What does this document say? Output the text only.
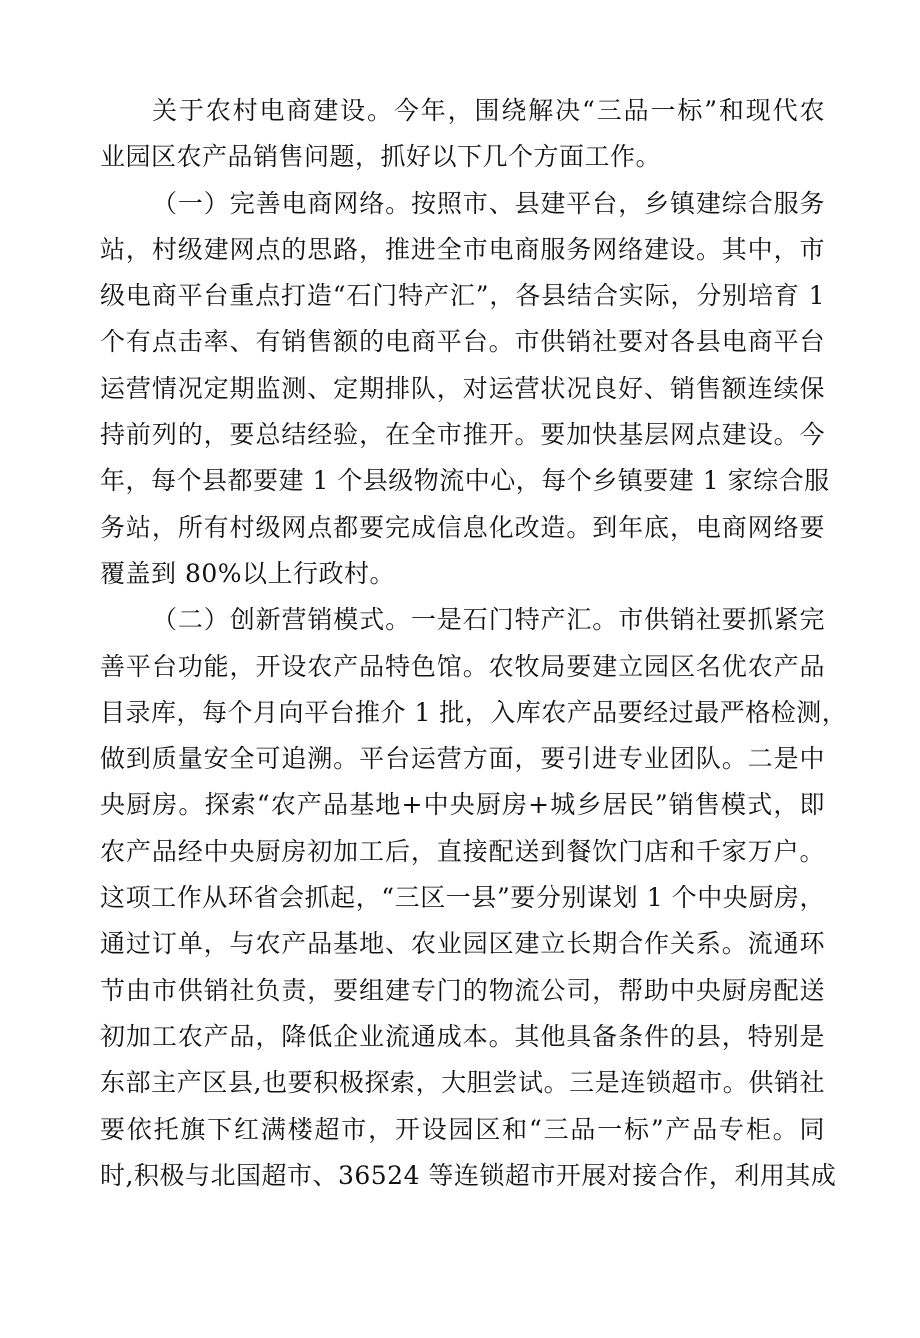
关于农村电商建设。今年，围绕解决“三品一标”和现代农
业园区农产品销售问题，抓好以下几个方面工作。
（一）完善电商网络。按照市、县建平台，乡镇建综合服务
站，村级建网点的思路，推进全市电商服务网络建设。其中，市
级电商平台重点打造“石门特产汇”，各县结合实际，分别培育 1
个有点击率、有销售额的电商平台。市供销社要对各县电商平台
运营情况定期监测、定期排队，对运营状况良好、销售额连续保
持前列的，要总结经验，在全市推开。要加快基层网点建设。今
年，每个县都要建 1 个县级物流中心，每个乡镇要建 1 家综合服
务站，所有村级网点都要完成信息化改造。到年底，电商网络要
覆盖到 80%以上行政村。
（二）创新营销模式。一是石门特产汇。市供销社要抓紧完
善平台功能，开设农产品特色馆。农牧局要建立园区名优农产品
目录库，每个月向平台推介 1 批，入库农产品要经过最严格检测，
做到质量安全可追溯。平台运营方面，要引进专业团队。二是中
央厨房。探索“农产品基地+中央厨房+城乡居民”销售模式，即
农产品经中央厨房初加工后，直接配送到餐饮门店和千家万户。
这项工作从环省会抓起，“三区一县”要分别谋划 1 个中央厨房，
通过订单，与农产品基地、农业园区建立长期合作关系。流通环
节由市供销社负责，要组建专门的物流公司，帮助中央厨房配送
初加工农产品，降低企业流通成本。其他具备条件的县，特别是
东部主产区县,也要积极探索，大胆尝试。三是连锁超市。供销社
要依托旗下红满楼超市，开设园区和“三品一标”产品专柜。同
时,积极与北国超市、36524 等连锁超市开展对接合作，利用其成
